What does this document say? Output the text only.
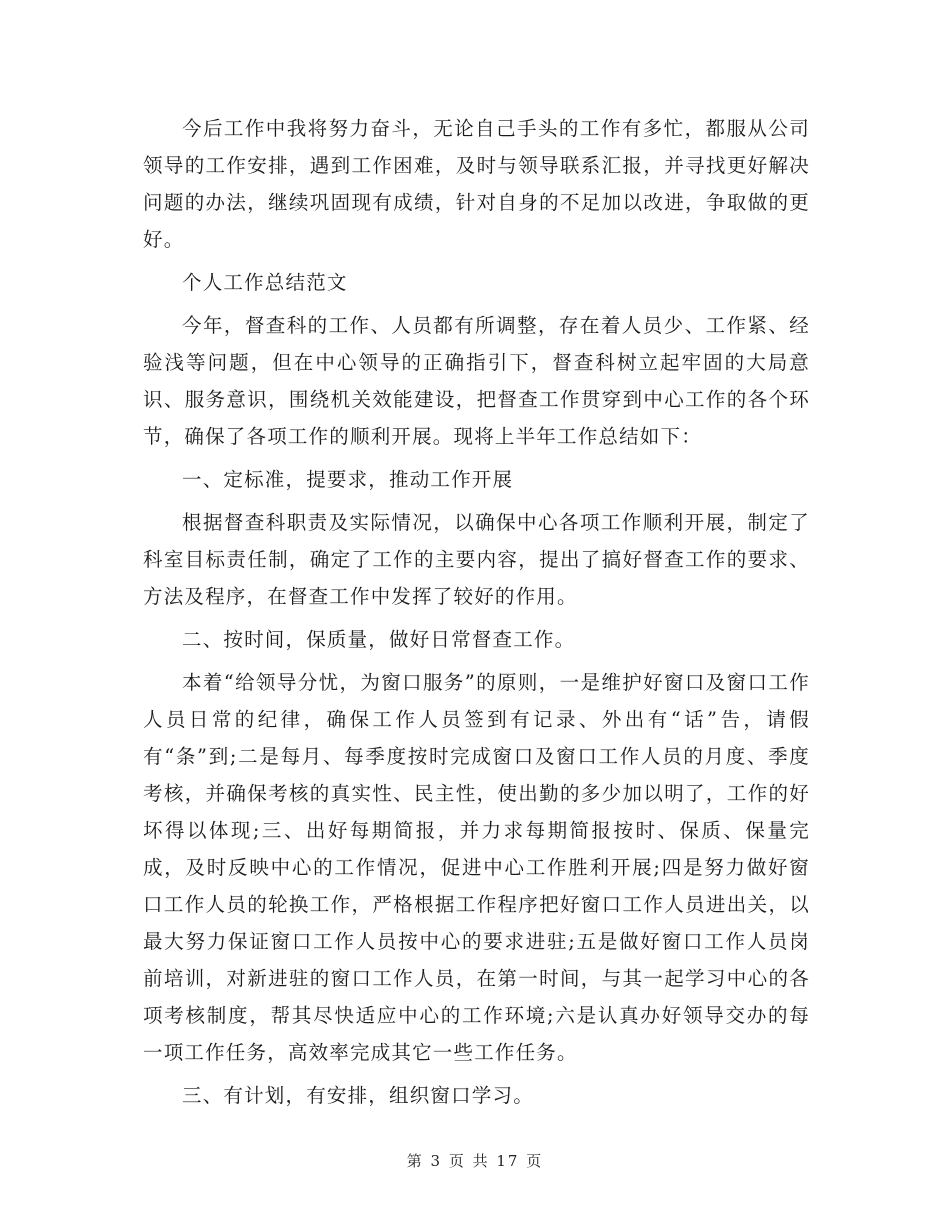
今后工作中我将努力奋斗，无论自己手头的工作有多忙，都服从公司领导的工作安排，遇到工作困难，及时与领导联系汇报，并寻找更好解决问题的办法，继续巩固现有成绩，针对自身的不足加以改进，争取做的更好。

个人工作总结范文

今年，督查科的工作、人员都有所调整，存在着人员少、工作紧、经验浅等问题，但在中心领导的正确指引下，督查科树立起牢固的大局意识、服务意识，围绕机关效能建设，把督查工作贯穿到中心工作的各个环节，确保了各项工作的顺利开展。现将上半年工作总结如下：

一、定标准，提要求，推动工作开展

根据督查科职责及实际情况，以确保中心各项工作顺利开展，制定了科室目标责任制，确定了工作的主要内容，提出了搞好督查工作的要求、方法及程序，在督查工作中发挥了较好的作用。

二、按时间，保质量，做好日常督查工作。

本着“给领导分忧，为窗口服务”的原则，一是维护好窗口及窗口工作人员日常的纪律，确保工作人员签到有记录、外出有“话”告，请假有“条”到;二是每月、每季度按时完成窗口及窗口工作人员的月度、季度考核，并确保考核的真实性、民主性，使出勤的多少加以明了，工作的好坏得以体现;三、出好每期简报，并力求每期简报按时、保质、保量完成，及时反映中心的工作情况，促进中心工作胜利开展;四是努力做好窗口工作人员的轮换工作，严格根据工作程序把好窗口工作人员进出关，以最大努力保证窗口工作人员按中心的要求进驻;五是做好窗口工作人员岗前培训，对新进驻的窗口工作人员，在第一时间，与其一起学习中心的各项考核制度，帮其尽快适应中心的工作环境;六是认真办好领导交办的每一项工作任务，高效率完成其它一些工作任务。

三、有计划，有安排，组织窗口学习。

第 3 页 共 17 页
